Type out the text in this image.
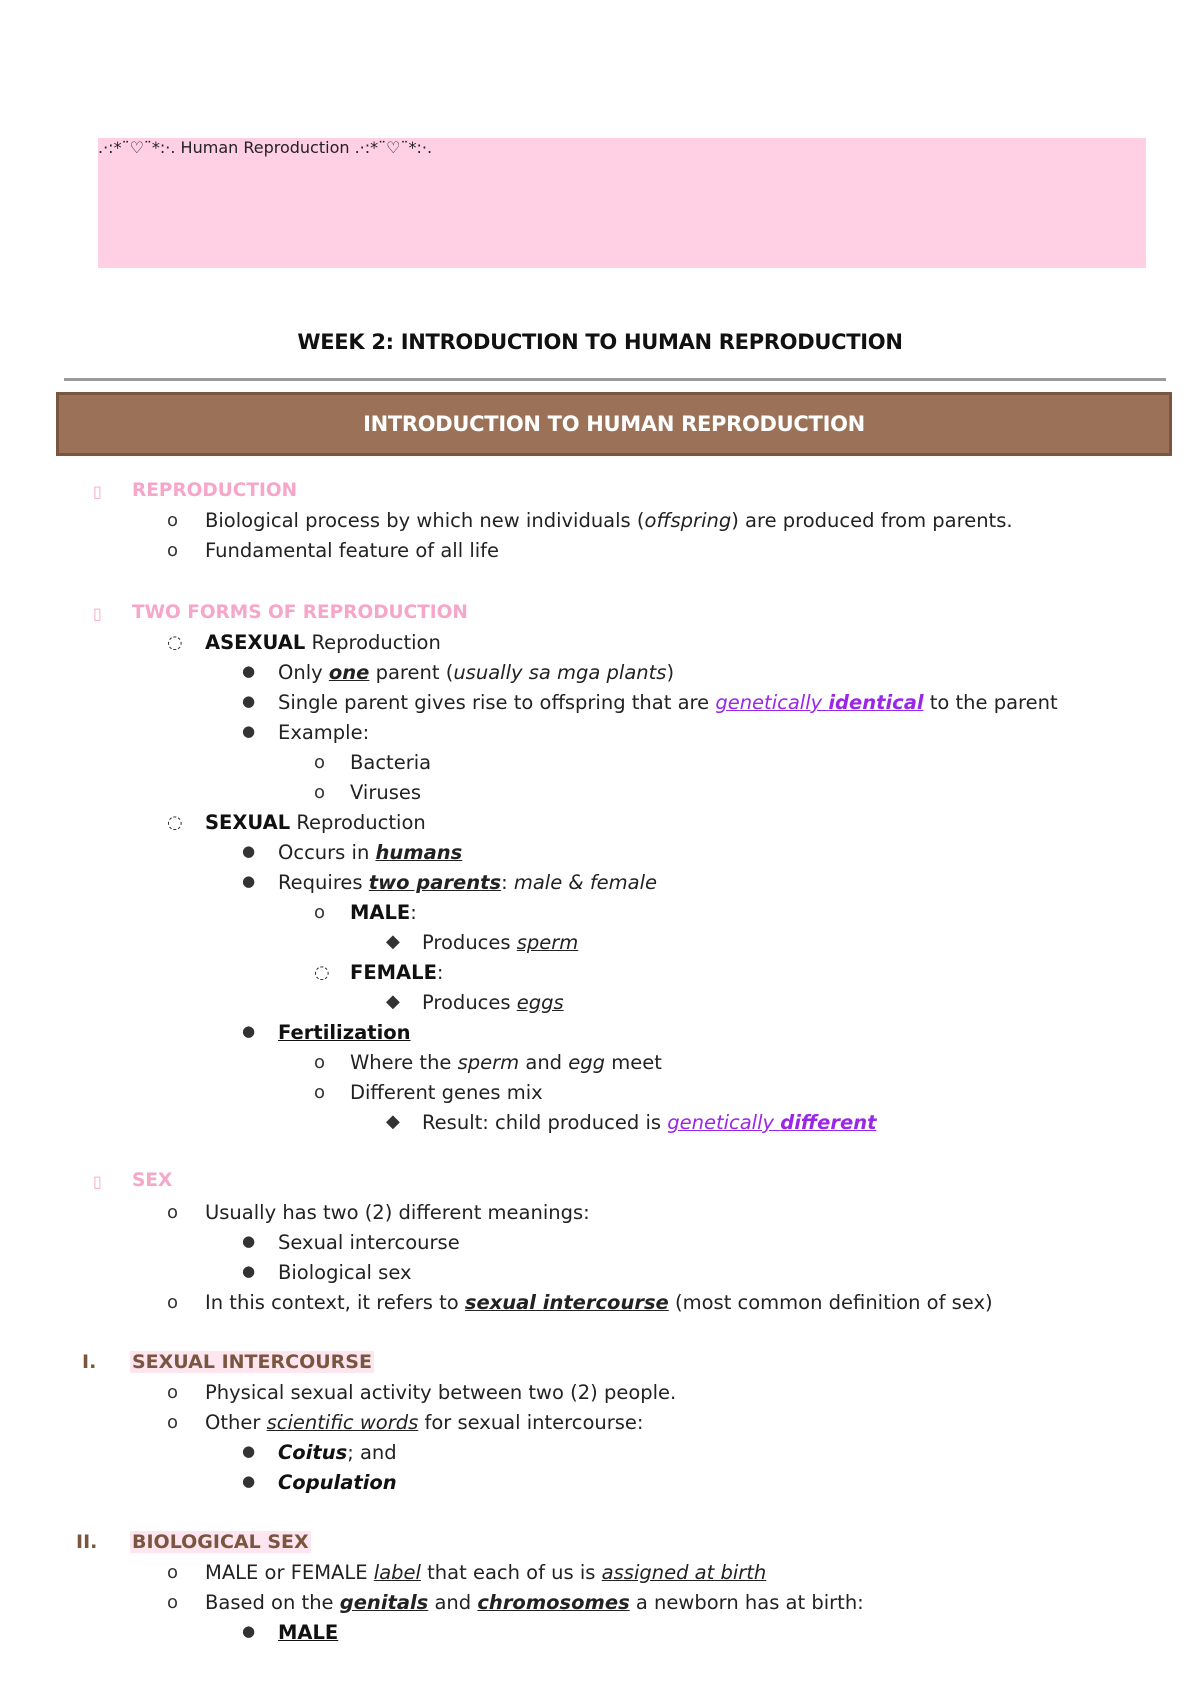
.·:*¨♡¨*:·. Human Reproduction .·:*¨♡¨*:·.
WEEK 2: INTRODUCTION TO HUMAN REPRODUCTION
INTRODUCTION TO HUMAN REPRODUCTION
▯ REPRODUCTION
o Biological process by which new individuals (offspring) are produced from parents.
o Fundamental feature of all life
▯ TWO FORMS OF REPRODUCTION
◌ ASEXUAL Reproduction
● Only one parent (usually sa mga plants)
● Single parent gives rise to offspring that are genetically identical to the parent
● Example:
o Bacteria
o Viruses
◌ SEXUAL Reproduction
● Occurs in humans
● Requires two parents: male & female
o MALE:
◆ Produces sperm
◌ FEMALE:
◆ Produces eggs
● Fertilization
o Where the sperm and egg meet
o Different genes mix
◆ Result: child produced is genetically different
▯ SEX
o Usually has two (2) different meanings:
● Sexual intercourse
● Biological sex
o In this context, it refers to sexual intercourse (most common definition of sex)
I. SEXUAL INTERCOURSE
o Physical sexual activity between two (2) people.
o Other scientific words for sexual intercourse:
● Coitus; and
● Copulation
II. BIOLOGICAL SEX
o MALE or FEMALE label that each of us is assigned at birth
o Based on the genitals and chromosomes a newborn has at birth:
● MALE
